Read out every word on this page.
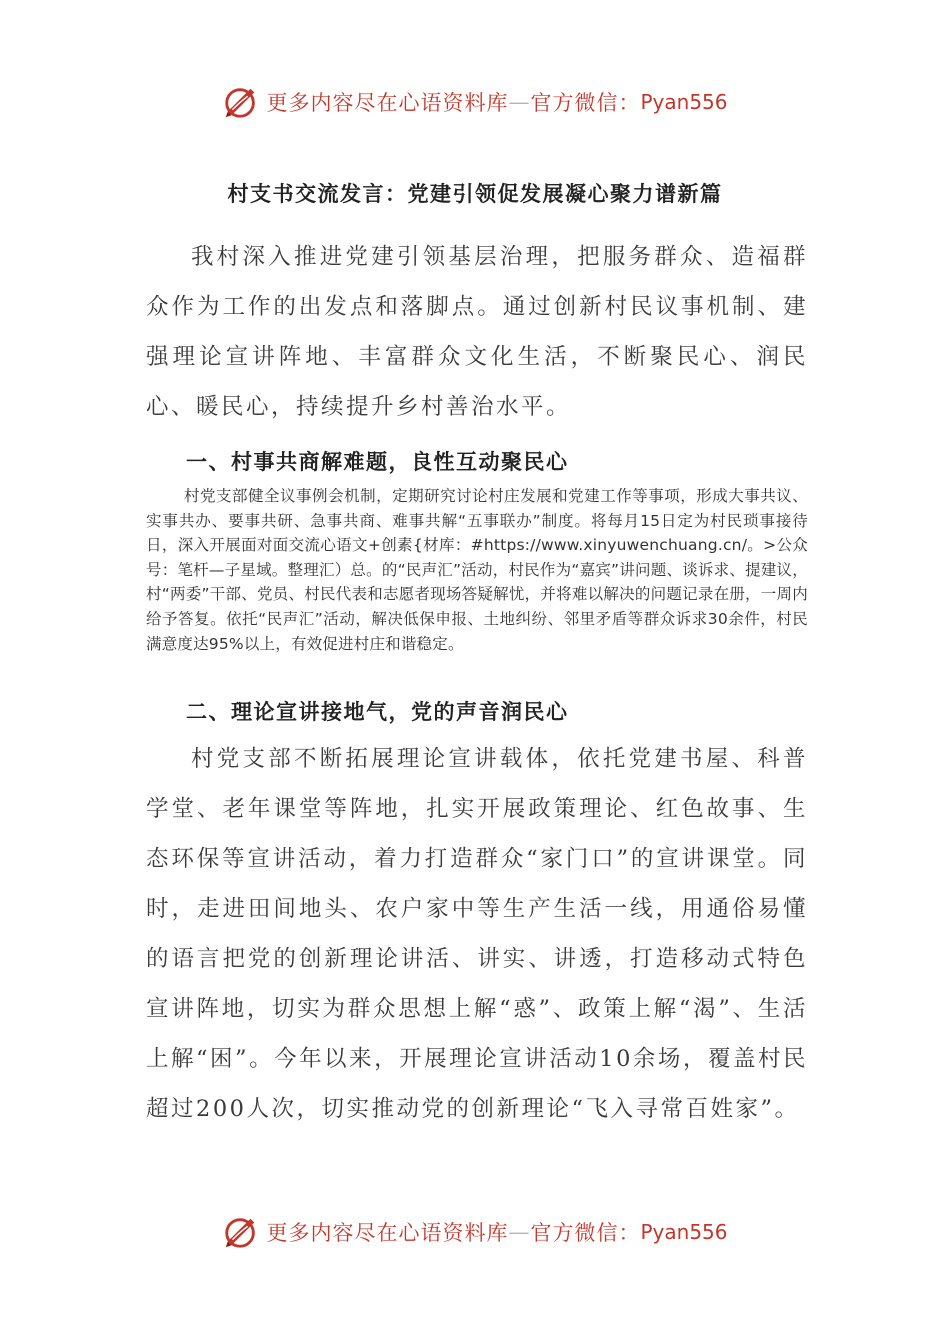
更多内容尽在心语资料库 — 官方微信： Pyan556
村支书交流发言：党建引领促发展凝心聚力谱新篇

我村深入推进党建引领基层治理，把服务群众、造福群众作为工作的出发点和落脚点。通过创新村民议事机制、建强理论宣讲阵地、丰富群众文化生活，不断聚民心、润民心、暖民心，持续提升乡村善治水平。

一、村事共商解难题，良性互动聚民心

村党支部健全议事例会机制，定期研究讨论村庄发展和党建工作等事项，形成大事共议、实事共办、要事共研、急事共商、难事共解“五事联办”制度。将每月15日定为村民琐事接待日，深入开展面对面交流心语文+创素{材库：#https://www.xinyuwenchuang.cn/。>公众号：笔杆—子星域。整理汇）总。的“民声汇”活动，村民作为“嘉宾”讲问题、谈诉求、提建议，村“两委”干部、党员、村民代表和志愿者现场答疑解忧，并将难以解决的问题记录在册，一周内给予答复。依托“民声汇”活动，解决低保申报、土地纠纷、邻里矛盾等群众诉求30余件，村民满意度达95%以上，有效促进村庄和谐稳定。

二、理论宣讲接地气，党的声音润民心

村党支部不断拓展理论宣讲载体，依托党建书屋、科普学堂、老年课堂等阵地，扎实开展政策理论、红色故事、生态环保等宣讲活动，着力打造群众“家门口”的宣讲课堂。同时，走进田间地头、农户家中等生产生活一线，用通俗易懂的语言把党的创新理论讲活、讲实、讲透，打造移动式特色宣讲阵地，切实为群众思想上解“惑”、政策上解“渴”、生活上解“困”。今年以来，开展理论宣讲活动10余场，覆盖村民超过200人次，切实推动党的创新理论“飞入寻常百姓家”。

更多内容尽在心语资料库 — 官方微信： Pyan556
